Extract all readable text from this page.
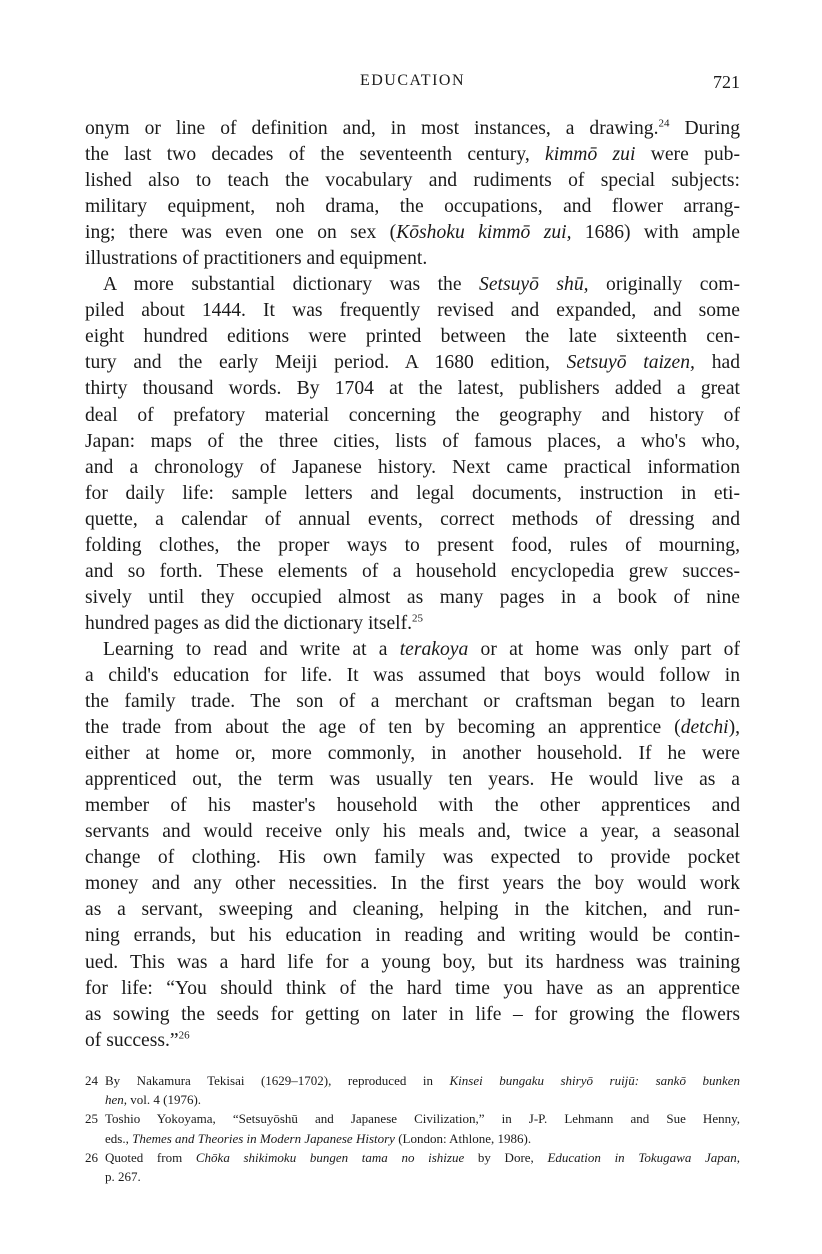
EDUCATION	721
onym or line of definition and, in most instances, a drawing.$^{24}$ During
the last two decades of the seventeenth century, kimmō zui were pub-
lished also to teach the vocabulary and rudiments of special subjects:
military equipment, noh drama, the occupations, and flower arrang-
ing; there was even one on sex (Kōshoku kimmō zui, 1686) with ample
illustrations of practitioners and equipment.
A more substantial dictionary was the Setsuyō shū, originally com-
piled about 1444. It was frequently revised and expanded, and some
eight hundred editions were printed between the late sixteenth cen-
tury and the early Meiji period. A 1680 edition, Setsuyō taizen, had
thirty thousand words. By 1704 at the latest, publishers added a great
deal of prefatory material concerning the geography and history of
Japan: maps of the three cities, lists of famous places, a who's who,
and a chronology of Japanese history. Next came practical information
for daily life: sample letters and legal documents, instruction in eti-
quette, a calendar of annual events, correct methods of dressing and
folding clothes, the proper ways to present food, rules of mourning,
and so forth. These elements of a household encyclopedia grew succes-
sively until they occupied almost as many pages in a book of nine
hundred pages as did the dictionary itself.$^{25}$
Learning to read and write at a terakoya or at home was only part of
a child's education for life. It was assumed that boys would follow in
the family trade. The son of a merchant or craftsman began to learn
the trade from about the age of ten by becoming an apprentice (detchi),
either at home or, more commonly, in another household. If he were
apprenticed out, the term was usually ten years. He would live as a
member of his master's household with the other apprentices and
servants and would receive only his meals and, twice a year, a seasonal
change of clothing. His own family was expected to provide pocket
money and any other necessities. In the first years the boy would work
as a servant, sweeping and cleaning, helping in the kitchen, and run-
ning errands, but his education in reading and writing would be contin-
ued. This was a hard life for a young boy, but its hardness was training
for life: “You should think of the hard time you have as an apprentice
as sowing the seeds for getting on later in life – for growing the flowers
of success.”$^{26}$
24 By Nakamura Tekisai (1629–1702), reproduced in Kinsei bungaku shiryō ruijū: sankō bunken
hen, vol. 4 (1976).
25 Toshio Yokoyama, “Setsuyōshū and Japanese Civilization,” in J-P. Lehmann and Sue Henny,
eds., Themes and Theories in Modern Japanese History (London: Athlone, 1986).
26 Quoted from Chōka shikimoku bungen tama no ishizue by Dore, Education in Tokugawa Japan,
p. 267.
